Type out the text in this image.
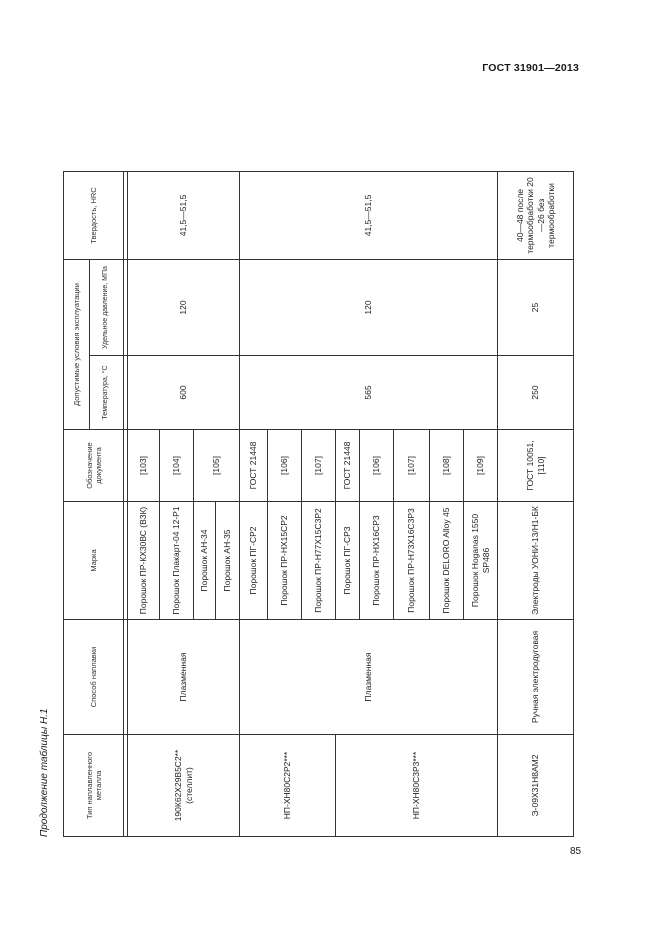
ГОСТ 31901—2013
Продолжение таблицы Н.1	Тип наплавленного металла	Способ наплавки	Марка	Обозначение документа	Допустимые условия эксплуатации		Твердость, HRC
				Температура, °С	Удельное давление, МПа	

190К62Х29В5С2** (стеллит)	Плазменная	Порошок ПР-КХ30ВС (В3К)	[103]	600	120	41,5—51,5
		Порошок Плакарт-04 12-Р1	[104]			
		Порошок АН-34	[105]			
		Порошок АН-35				
НП-ХН80С2Р2***	Плазменная	Порошок ПГ-СР2	ГОСТ 21448	565	120	41,5—51,5
		Порошок ПР-НХ15СР2	[106]			
		Порошок ПР-Н77Х15С3Р2	[107]			
НП-ХН80С3Р3***		Порошок ПГ-СР3	ГОСТ 21448			
		Порошок ПР-НХ16СР3	[106]			
		Порошок ПР-Н73Х16С3Р3	[107]			
		Порошок DELORO Alloy 45	[108]			
		Порошок Hoganas 1550 SP486	[109]			
Э-09Х31Н8АМ2	Ручная электродуговая	Электроды УОНИ-13/Н1-БК	ГОСТ 10051, [110]	250	25	40—48 после термообработки 20—26 без термообработки
85
